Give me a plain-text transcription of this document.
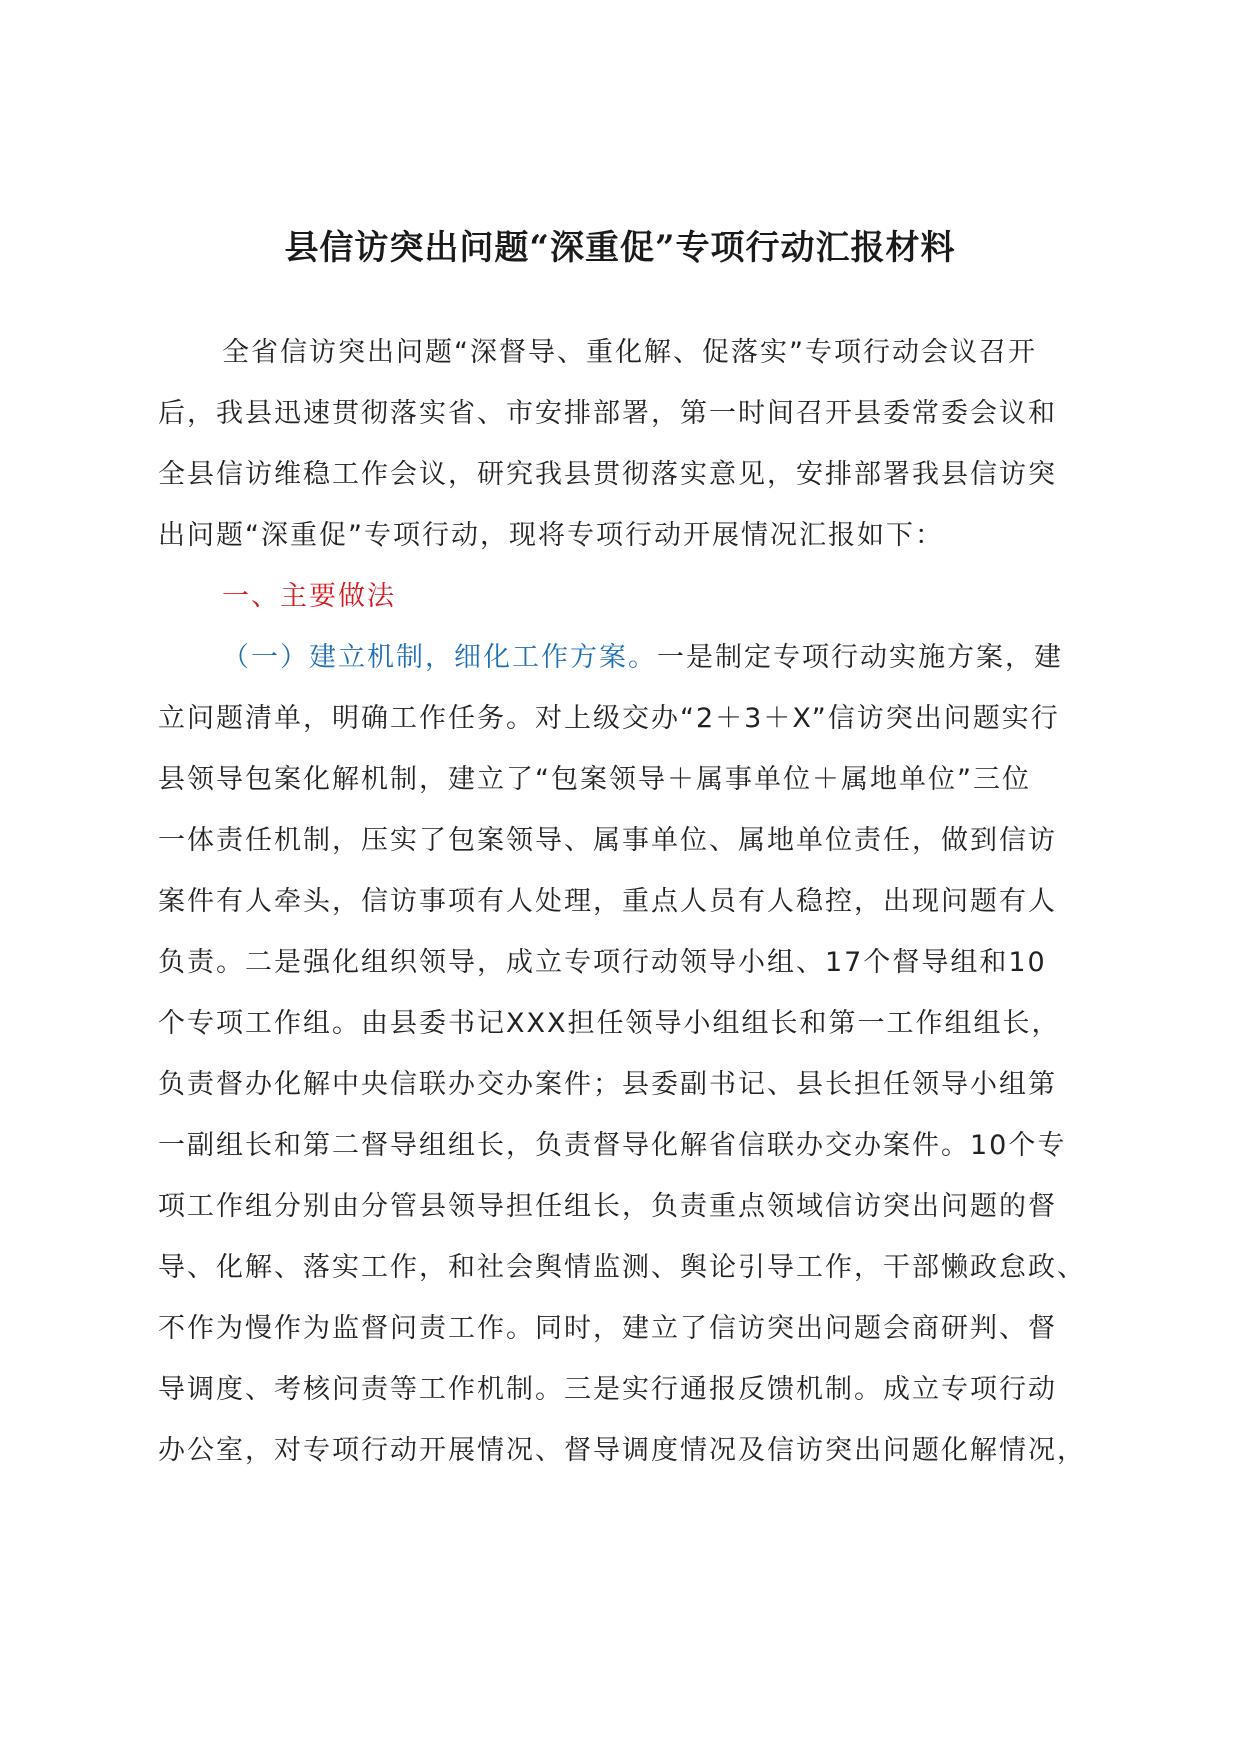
县信访突出问题“深重促”专项行动汇报材料
全省信访突出问题“深督导、重化解、促落实”专项行动会议召开
后，我县迅速贯彻落实省、市安排部署，第一时间召开县委常委会议和
全县信访维稳工作会议，研究我县贯彻落实意见，安排部署我县信访突
出问题“深重促”专项行动，现将专项行动开展情况汇报如下：
一、主要做法
（一）建立机制，细化工作方案。一是制定专项行动实施方案，建
立问题清单，明确工作任务。对上级交办“2＋3＋X”信访突出问题实行
县领导包案化解机制，建立了“包案领导＋属事单位＋属地单位”三位
一体责任机制，压实了包案领导、属事单位、属地单位责任，做到信访
案件有人牵头，信访事项有人处理，重点人员有人稳控，出现问题有人
负责。二是强化组织领导，成立专项行动领导小组、17个督导组和10
个专项工作组。由县委书记XXX担任领导小组组长和第一工作组组长，
负责督办化解中央信联办交办案件；县委副书记、县长担任领导小组第
一副组长和第二督导组组长，负责督导化解省信联办交办案件。10个专
项工作组分别由分管县领导担任组长，负责重点领域信访突出问题的督
导、化解、落实工作，和社会舆情监测、舆论引导工作，干部懒政怠政、
不作为慢作为监督问责工作。同时，建立了信访突出问题会商研判、督
导调度、考核问责等工作机制。三是实行通报反馈机制。成立专项行动
办公室，对专项行动开展情况、督导调度情况及信访突出问题化解情况，
